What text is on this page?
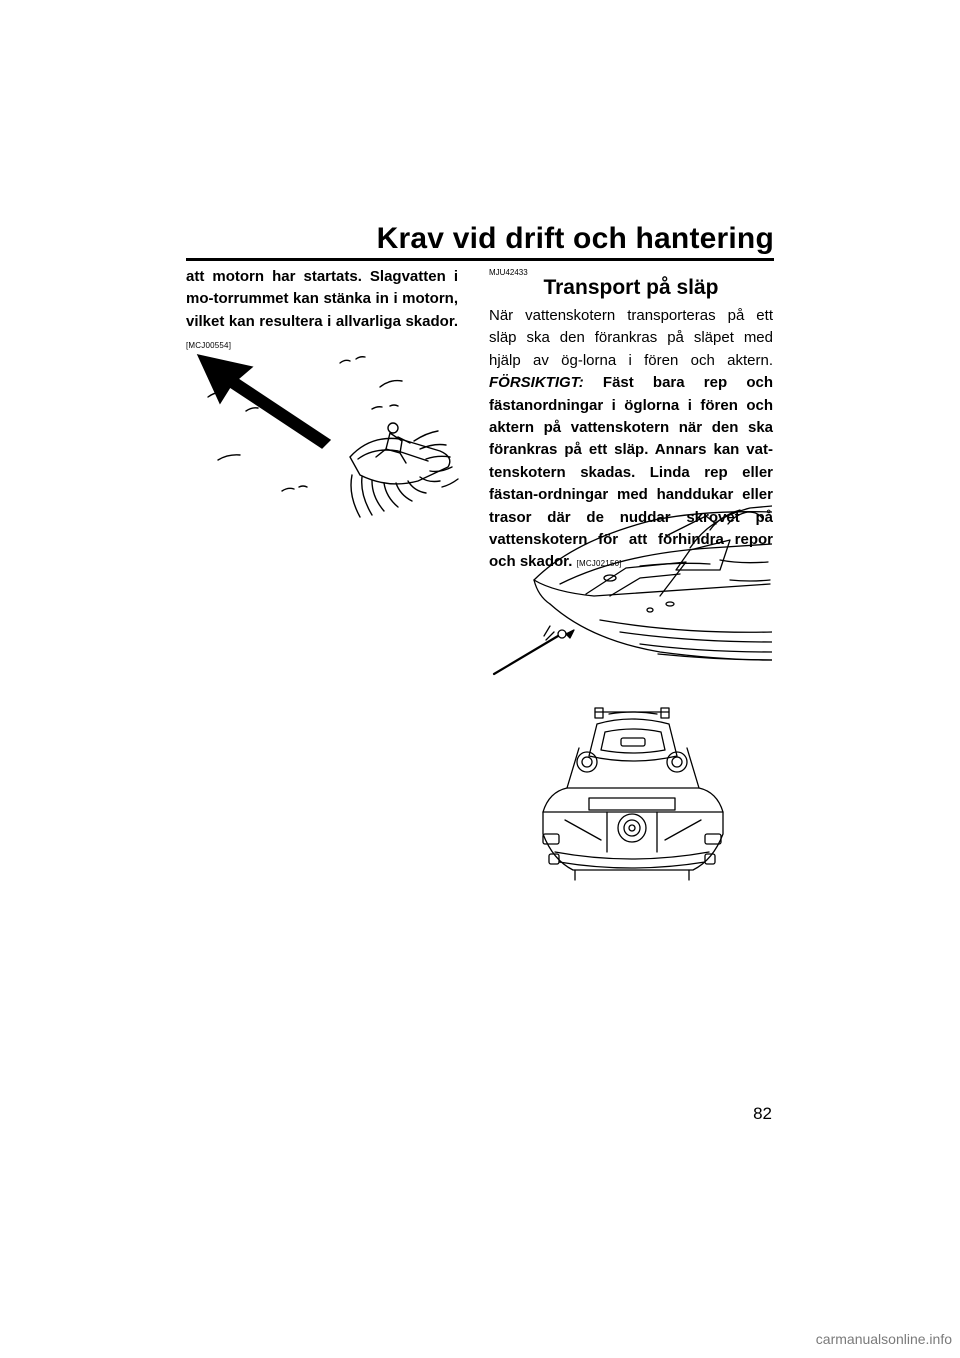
Krav vid drift och hantering
att motorn har startats. Slagvatten i mo-torrummet kan stänka in i motorn, vilket kan resultera i allvarliga skador. [MCJ00554]

MJU42433

Transport på släp

När vattenskotern transporteras på ett släp ska den förankras på släpet med hjälp av ög-lorna i fören och aktern. FÖRSIKTIGT: Fäst bara rep och fästanordningar i öglorna i fören och aktern på vattenskotern när den ska förankras på ett släp. Annars kan vat-tenskotern skadas. Linda rep eller fästan-ordningar med handdukar eller trasor där de nuddar skrovet på vattenskotern för att förhindra repor och skador. [MCJ02150]

82
carmanualsonline.info
